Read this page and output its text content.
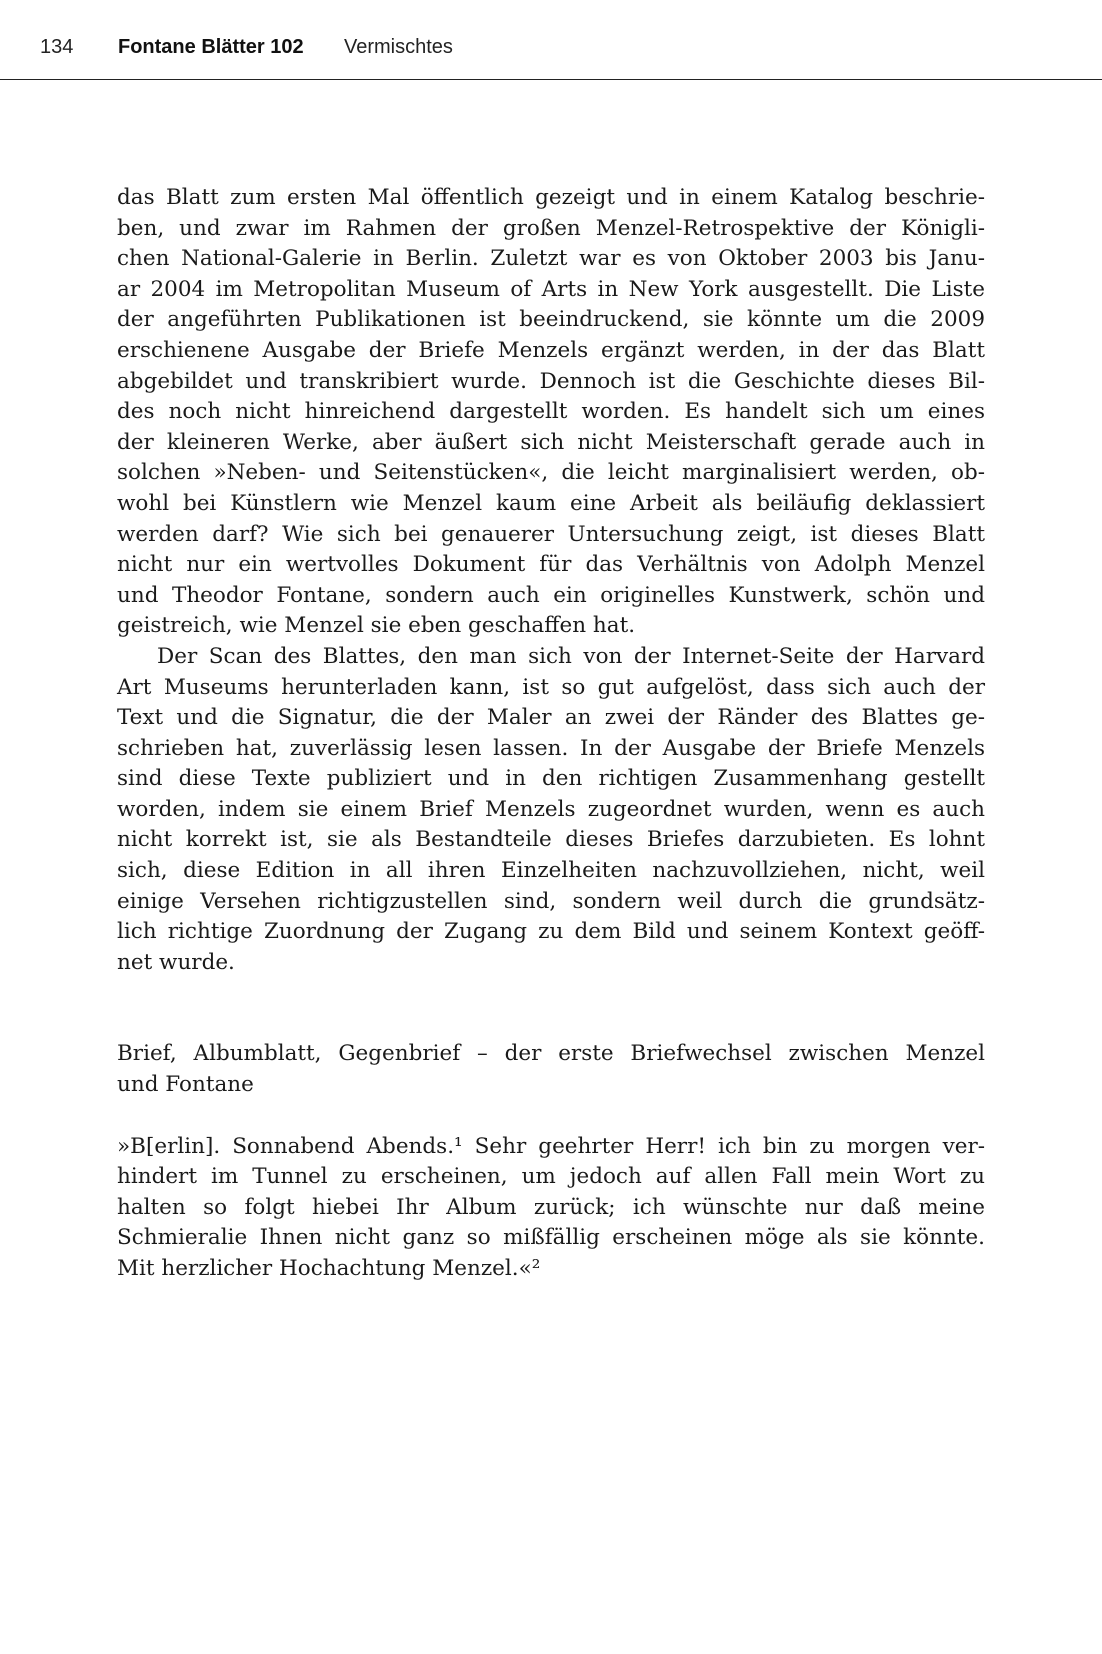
134 Fontane Blätter 102 Vermischtes
das Blatt zum ersten Mal öffentlich gezeigt und in einem Katalog beschrie-
ben, und zwar im Rahmen der großen Menzel-Retrospektive der Königli-
chen National-Galerie in Berlin. Zuletzt war es von Oktober 2003 bis Janu-
ar 2004 im Metropolitan Museum of Arts in New York ausgestellt. Die Liste
der angeführten Publikationen ist beeindruckend, sie könnte um die 2009
erschienene Ausgabe der Briefe Menzels ergänzt werden, in der das Blatt
abgebildet und transkribiert wurde. Dennoch ist die Geschichte dieses Bil-
des noch nicht hinreichend dargestellt worden. Es handelt sich um eines
der kleineren Werke, aber äußert sich nicht Meisterschaft gerade auch in
solchen »Neben- und Seitenstücken«, die leicht marginalisiert werden, ob-
wohl bei Künstlern wie Menzel kaum eine Arbeit als beiläufig deklassiert
werden darf? Wie sich bei genauerer Untersuchung zeigt, ist dieses Blatt
nicht nur ein wertvolles Dokument für das Verhältnis von Adolph Menzel
und Theodor Fontane, sondern auch ein originelles Kunstwerk, schön und
geistreich, wie Menzel sie eben geschaffen hat.
Der Scan des Blattes, den man sich von der Internet-Seite der Harvard
Art Museums herunterladen kann, ist so gut aufgelöst, dass sich auch der
Text und die Signatur, die der Maler an zwei der Ränder des Blattes ge-
schrieben hat, zuverlässig lesen lassen. In der Ausgabe der Briefe Menzels
sind diese Texte publiziert und in den richtigen Zusammenhang gestellt
worden, indem sie einem Brief Menzels zugeordnet wurden, wenn es auch
nicht korrekt ist, sie als Bestandteile dieses Briefes darzubieten. Es lohnt
sich, diese Edition in all ihren Einzelheiten nachzuvollziehen, nicht, weil
einige Versehen richtigzustellen sind, sondern weil durch die grundsätz-
lich richtige Zuordnung der Zugang zu dem Bild und seinem Kontext geöff-
net wurde.
Brief, Albumblatt, Gegenbrief – der erste Briefwechsel zwischen Menzel
und Fontane
»B[erlin]. Sonnabend Abends.¹ Sehr geehrter Herr! ich bin zu morgen ver-
hindert im Tunnel zu erscheinen, um jedoch auf allen Fall mein Wort zu
halten so folgt hiebei Ihr Album zurück; ich wünschte nur daß meine
Schmieralie Ihnen nicht ganz so mißfällig erscheinen möge als sie könnte.
Mit herzlicher Hochachtung Menzel.«²
